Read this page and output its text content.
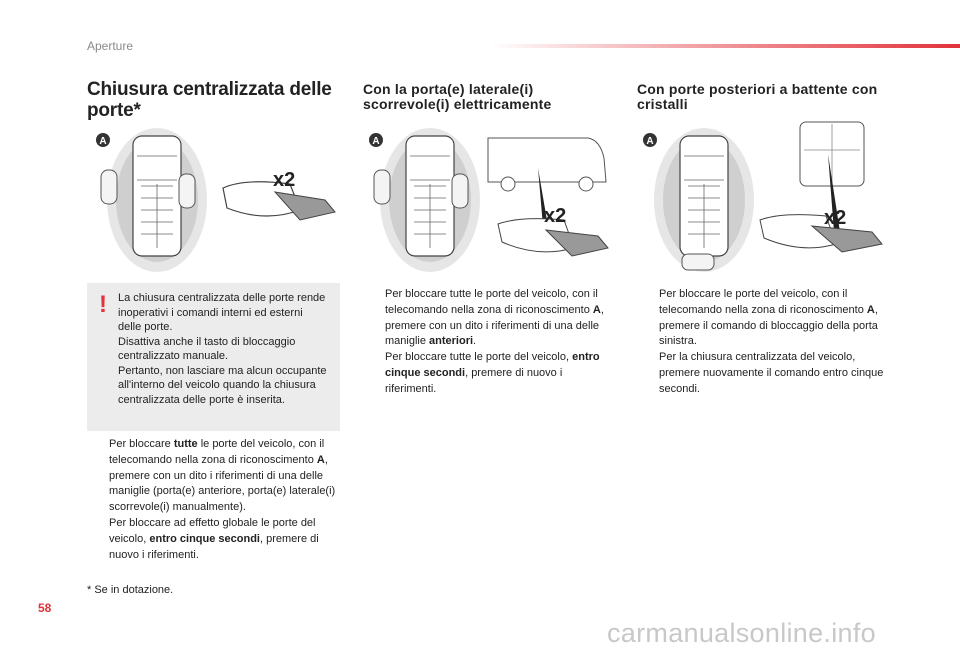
Aperture
Chiusura centralizzata delle porte*
Con la porta(e) laterale(i) scorrevole(i) elettricamente
Con porte posteriori a battente con cristalli
A
x2
A
x2
A
x2
! La chiusura centralizzata delle porte rende inoperativi i comandi interni ed esterni delle porte.
Disattiva anche il tasto di bloccaggio centralizzato manuale.
Pertanto, non lasciare ma alcun occupante all'interno del veicolo quando la chiusura centralizzata delle porte è inserita.
Per bloccare tutte le porte del veicolo, con il telecomando nella zona di riconoscimento A, premere con un dito i riferimenti di una delle maniglie (porta(e) anteriore, porta(e) laterale(i) scorrevole(i) manualmente).
Per bloccare ad effetto globale le porte del veicolo, entro cinque secondi, premere di nuovo i riferimenti.
* Se in dotazione.
Per bloccare tutte le porte del veicolo, con il telecomando nella zona di riconoscimento A, premere con un dito i riferimenti di una delle maniglie anteriori.
Per bloccare tutte le porte del veicolo, entro cinque secondi, premere di nuovo i riferimenti.
Per bloccare le porte del veicolo, con il telecomando nella zona di riconoscimento A, premere il comando di bloccaggio della porta sinistra.
Per la chiusura centralizzata del veicolo, premere nuovamente il comando entro cinque secondi.
58
carmanualsonline.info
